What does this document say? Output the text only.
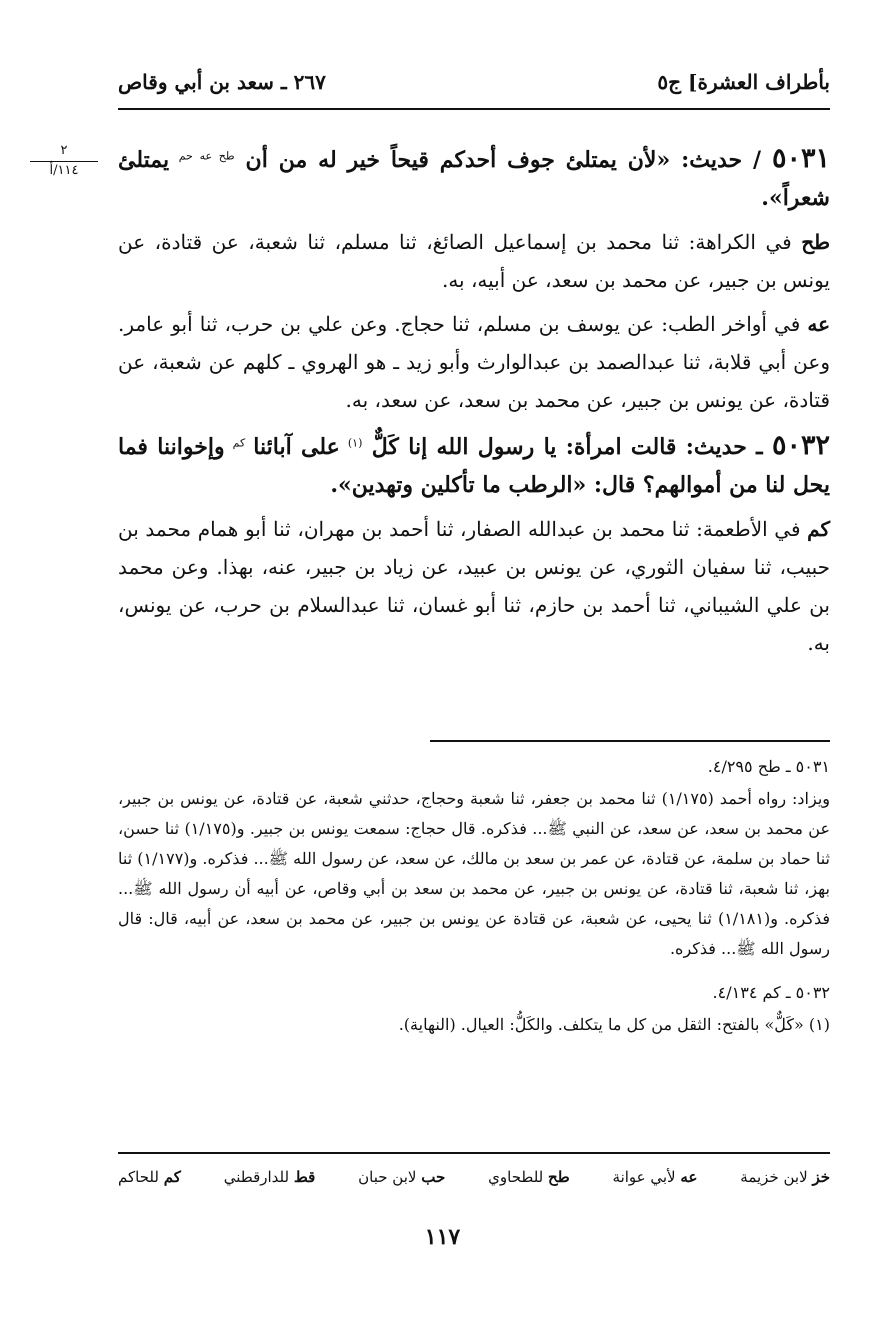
بأطراف العشرة] ج٥
٢٦٧ ـ سعد بن أبي وقاص
٢
١١٤/أ	٥٠٣١ / حديث: «لأن يمتلئ جوف أحدكم قيحاً خير له من أن $^{طح عه حم}$ يمتلئ شعراً».

طح في الكراهة: ثنا محمد بن إسماعيل الصائغ، ثنا مسلم، ثنا شعبة، عن قتادة، عن يونس بن جبير، عن محمد بن سعد، عن أبيه، به.

عه في أواخر الطب: عن يوسف بن مسلم، ثنا حجاج. وعن علي بن حرب، ثنا أبو عامر. وعن أبي قلابة، ثنا عبدالصمد بن عبدالوارث وأبو زيد ـ هو الهروي ـ كلهم عن شعبة، عن قتادة، عن يونس بن جبير، عن محمد بن سعد، عن سعد، به.

٥٠٣٢ ـ حديث: قالت امرأة: يا رسول الله إنا كَلٌّ $^{(١)}$ على آبائنا $^{كم}$ وإخواننا فما يحل لنا من أموالهم؟ قال: «الرطب ما تأكلين وتهدين».

كم في الأطعمة: ثنا محمد بن عبدالله الصفار، ثنا أحمد بن مهران، ثنا أبو همام محمد بن حبيب، ثنا سفيان الثوري، عن يونس بن عبيد، عن زياد بن جبير، عنه، بهذا. وعن محمد بن علي الشيباني، ثنا أحمد بن حازم، ثنا أبو غسان، ثنا عبدالسلام بن حرب، عن يونس، به.

٥٠٣١ ـ طح ٤/٢٩٥.

ويزاد: رواه أحمد (١/١٧٥) ثنا محمد بن جعفر، ثنا شعبة وحجاج، حدثني شعبة، عن قتادة، عن يونس بن جبير، عن محمد بن سعد، عن سعد، عن النبي ﷺ... فذكره. قال حجاج: سمعت يونس بن جبير. و(١/١٧٥) ثنا حسن، ثنا حماد بن سلمة، عن قتادة، عن عمر بن سعد بن مالك، عن سعد، عن رسول الله ﷺ... فذكره. و(١/١٧٧) ثنا بهز، ثنا شعبة، ثنا قتادة، عن يونس بن جبير، عن محمد بن سعد بن أبي وقاص، عن أبيه أن رسول الله ﷺ... فذكره. و(١/١٨١) ثنا يحيى، عن شعبة، عن قتادة عن يونس بن جبير، عن محمد بن سعد، عن أبيه، قال: قال رسول الله ﷺ... فذكره.

٥٠٣٢ ـ كم ٤/١٣٤.

(١) «كَلٌّ» بالفتح: الثقل من كل ما يتكلف. والكَلُّ: العيال. (النهاية).

خز لابن خزيمة
عه لأبي عوانة
طح للطحاوي
حب لابن حبان
قط للدارقطني
كم للحاكم
١١٧
